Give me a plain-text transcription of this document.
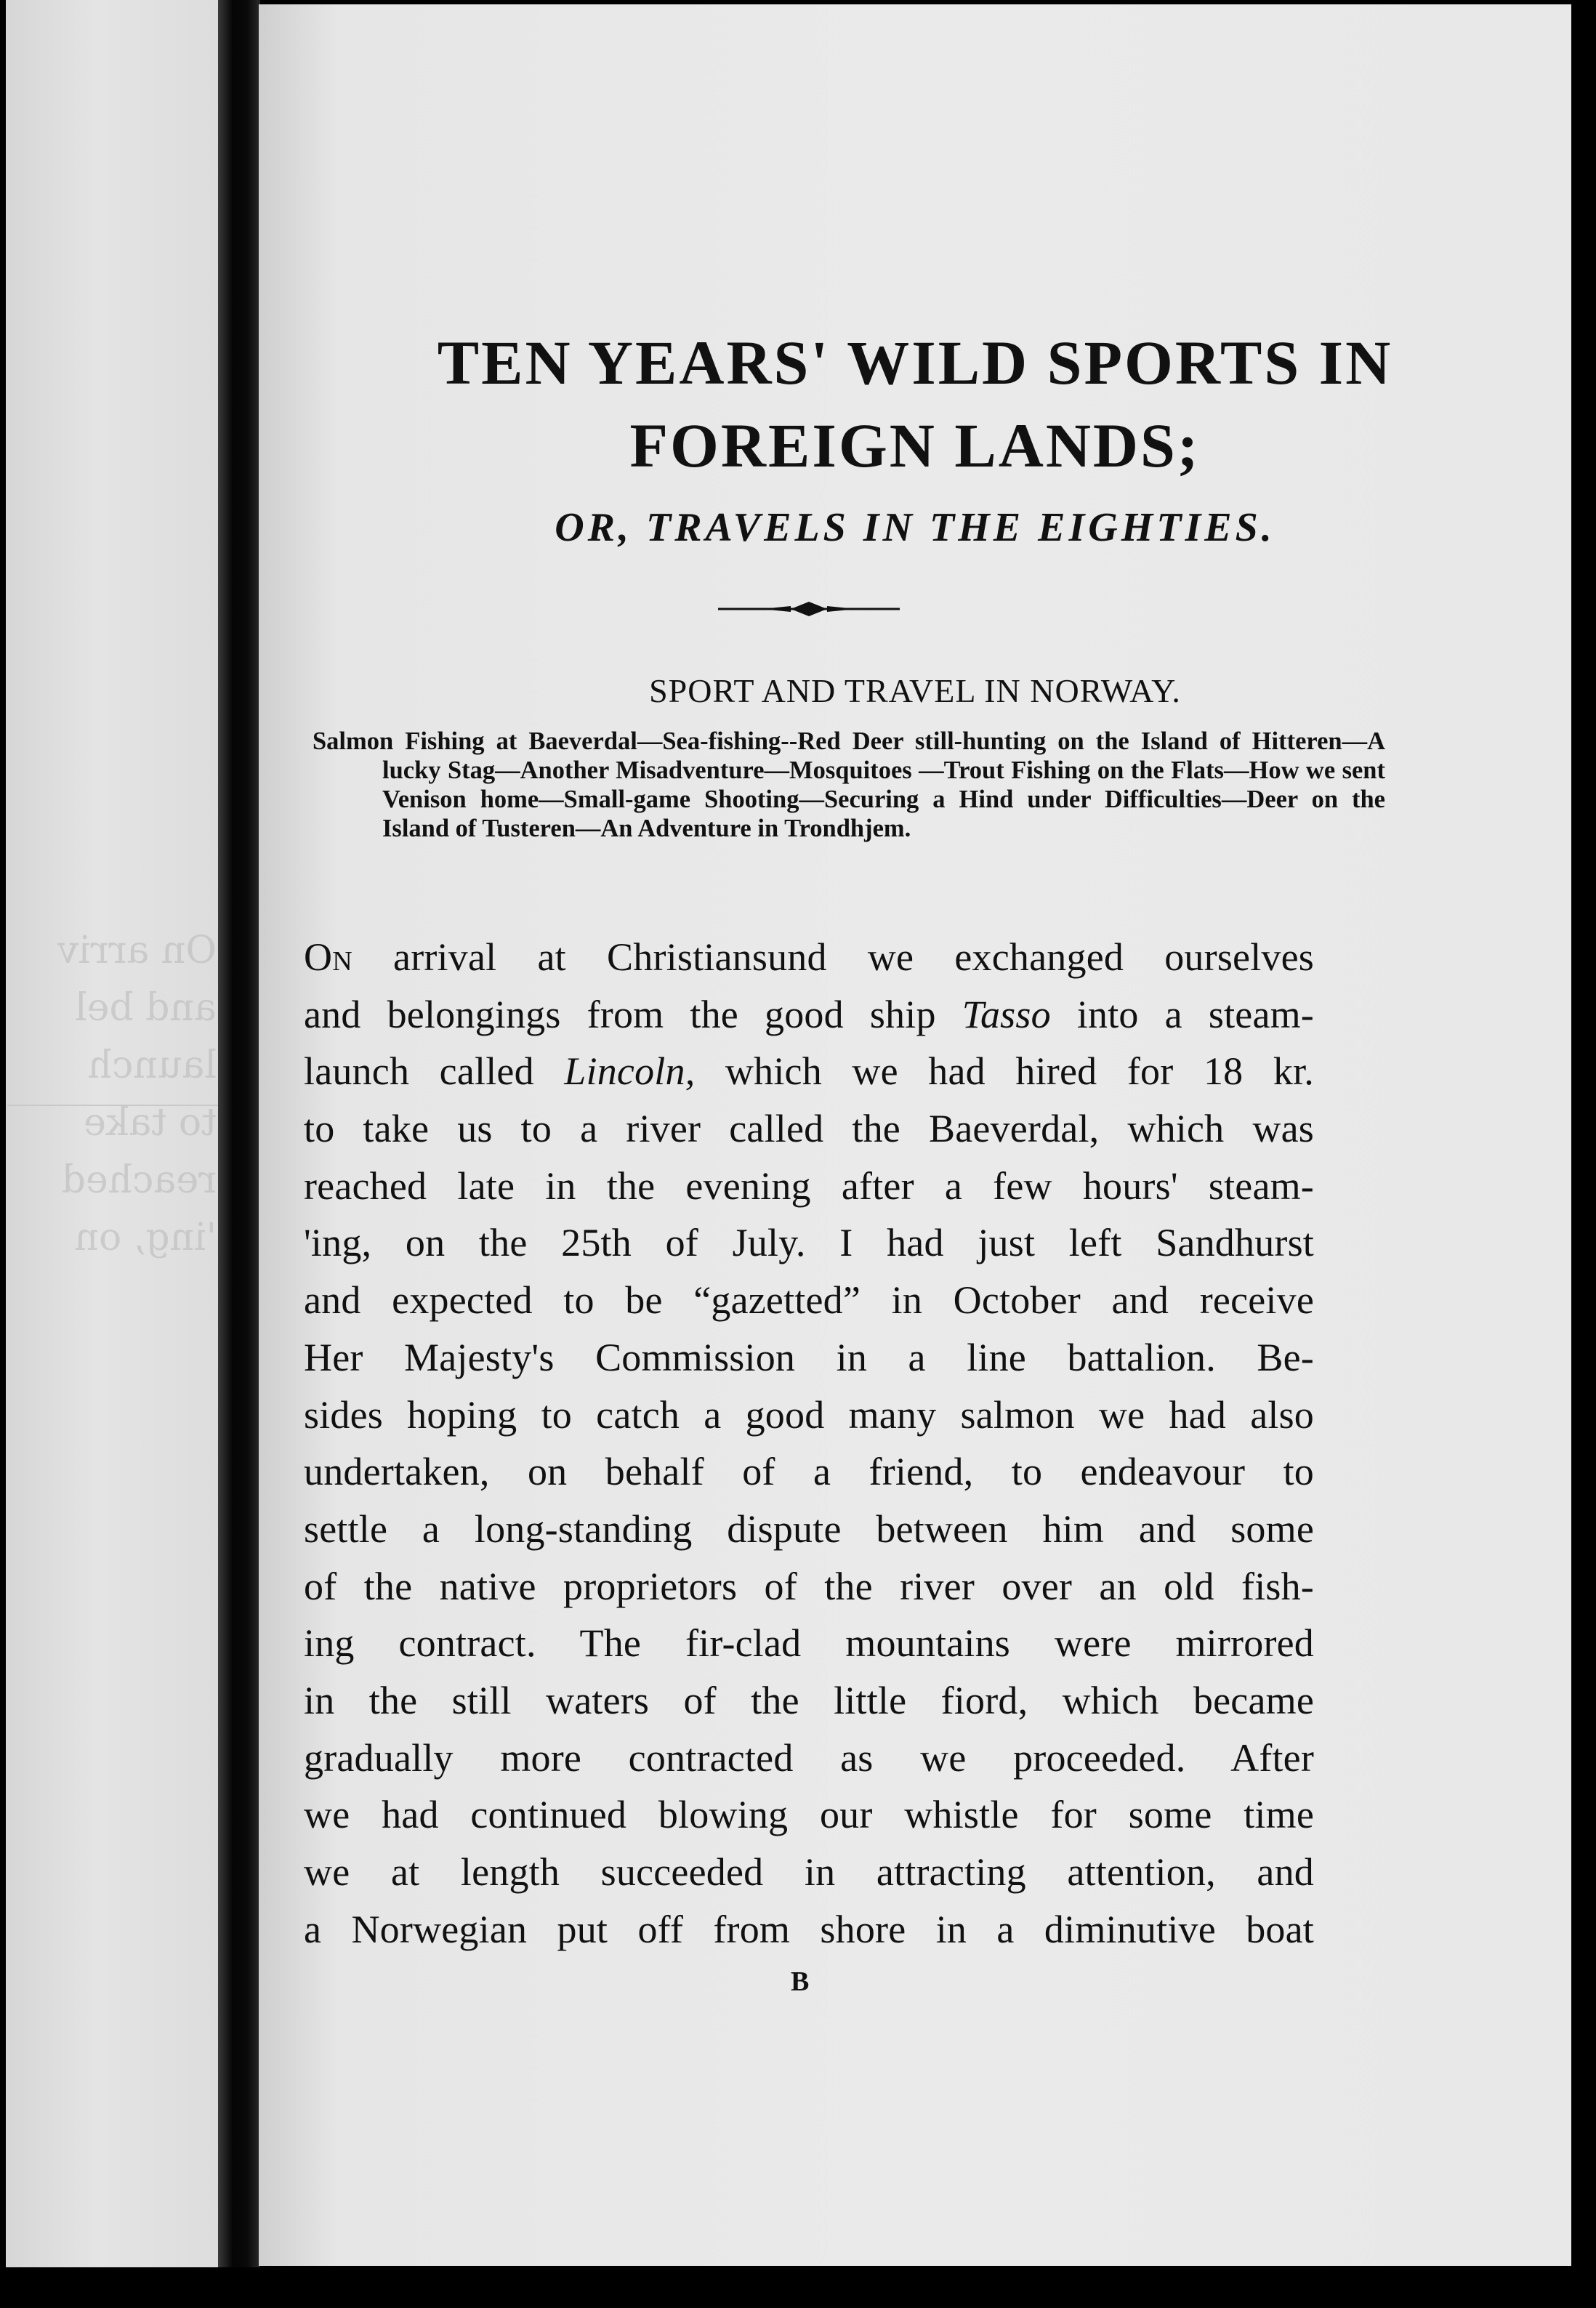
On arriv
and bel
launch
to take
reached
'ing, on
TEN YEARS' WILD SPORTS IN
FOREIGN LANDS;
OR, TRAVELS IN THE EIGHTIES.
SPORT AND TRAVEL IN NORWAY.
Salmon Fishing at Baeverdal—Sea-fishing--Red Deer still-hunting on the Island of Hitteren—A lucky Stag—Another Misadventure—Mosquitoes —Trout Fishing on the Flats—How we sent Venison home—Small-game Shooting—Securing a Hind under Difficulties—Deer on the Island of Tusteren—An Adventure in Trondhjem.
On arrival at Christiansund we exchanged ourselves
and belongings from the good ship Tasso into a steam-
launch called Lincoln, which we had hired for 18 kr.
to take us to a river called the Baeverdal, which was
reached late in the evening after a few hours' steam-
'ing, on the 25th of July. I had just left Sandhurst
and expected to be “gazetted” in October and receive
Her Majesty's Commission in a line battalion. Be-
sides hoping to catch a good many salmon we had also
undertaken, on behalf of a friend, to endeavour to
settle a long-standing dispute between him and some
of the native proprietors of the river over an old fish-
ing contract. The fir-clad mountains were mirrored
in the still waters of the little fiord, which became
gradually more contracted as we proceeded. After
we had continued blowing our whistle for some time
we at length succeeded in attracting attention, and
a Norwegian put off from shore in a diminutive boat
B
